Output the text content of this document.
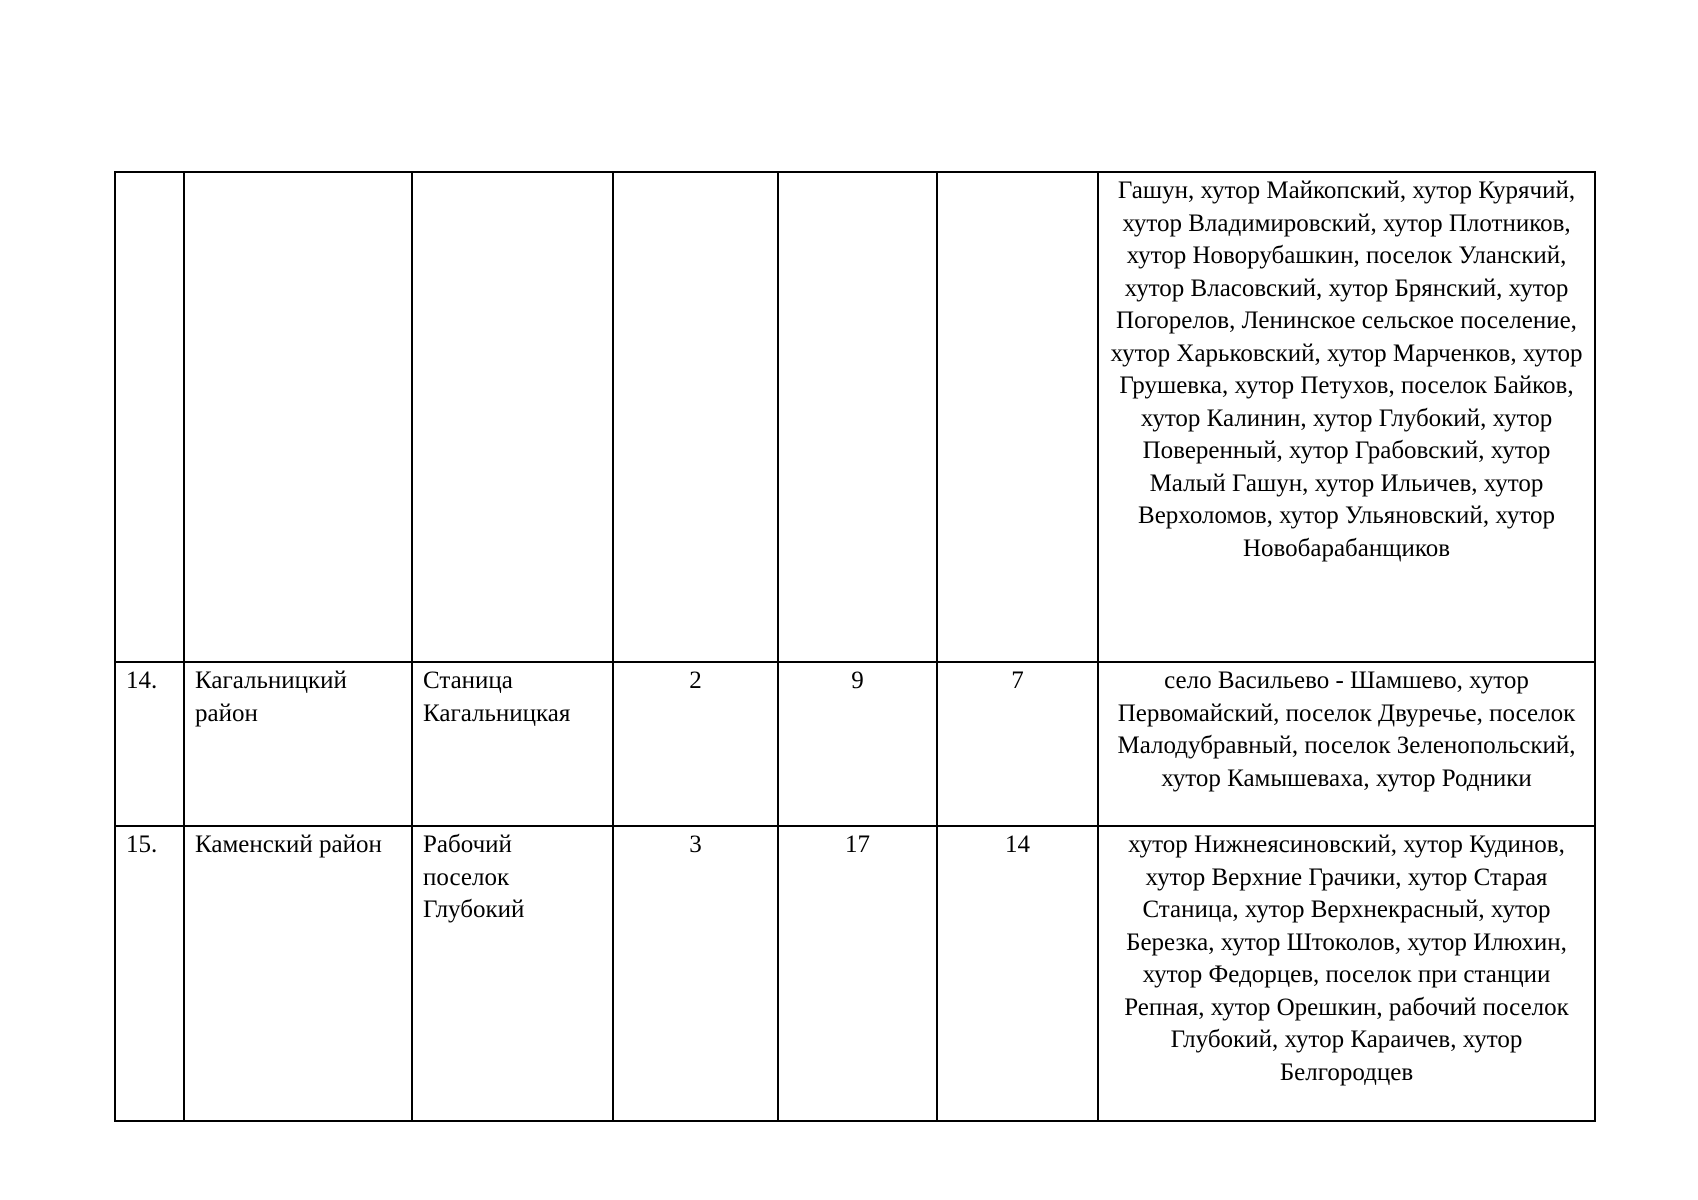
						Гашун, хутор Майкопский, хутор Курячий, хутор Владимировский, хутор Плотников, хутор Новорубашкин, поселок Уланский, хутор Власовский, хутор Брянский, хутор Погорелов, Ленинское сельское поселение, хутор Харьковский, хутор Марченков, хутор Грушевка, хутор Петухов, поселок Байков, хутор Калинин, хутор Глубокий, хутор Поверенный, хутор Грабовский, хутор Малый Гашун, хутор Ильичев, хутор Верхоломов, хутор Ульяновский, хутор Новобарабанщиков
14.	Кагальницкий район	Станица Кагальницкая	2	9	7	село Васильево - Шамшево, хутор Первомайский, поселок Двуречье, поселок Малодубравный, поселок Зеленопольский, хутор Камышеваха, хутор Родники
15.	Каменский район	Рабочий поселок Глубокий	3	17	14	хутор Нижнеясиновский, хутор Кудинов, хутор Верхние Грачики, хутор Старая Станица, хутор Верхнекрасный, хутор Березка, хутор Штоколов, хутор Илюхин, хутор Федорцев, поселок при станции Репная, хутор Орешкин, рабочий поселок Глубокий, хутор Караичев, хутор Белгородцев
